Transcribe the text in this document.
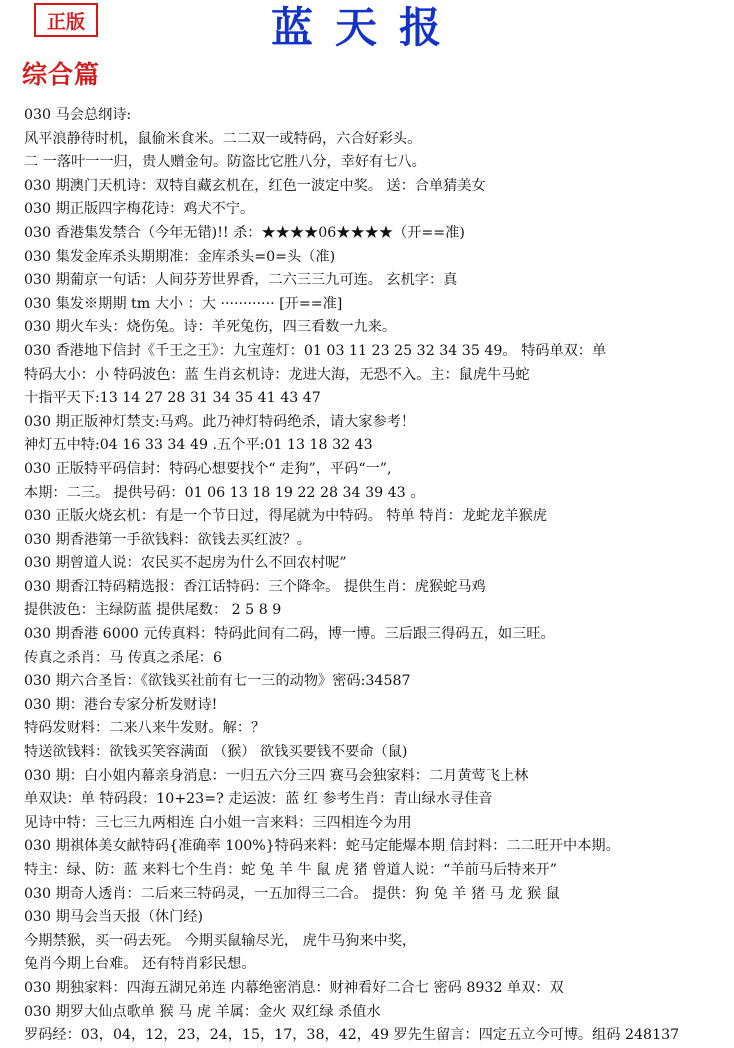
正版	蓝天报
综合篇
030 马会总纲诗:
风平浪静待时机，鼠偷米食米。二二双一或特码，六合好彩头。
二 一落叶一一归，贵人赠金句。防盗比它胜八分，幸好有七八。
030 期澳门天机诗：双特自藏玄机在，红色一波定中奖。 送：合单猜美女
030 期正版四字梅花诗：鸡犬不宁。
030 香港集发禁合（今年无错)!! 杀：★★★★06★★★★（开==准)
030 集发金库杀头期期准：金库杀头=0=头（准)
030 期葡京一句话：人间芬芳世界香，二六三三九可连。 玄机字：真
030 集发※期期 tm 大小 ：大 ············ [开==准]
030 期火车头：烧伤兔。诗：羊死兔伤，四三看数一九来。
030 香港地下信封《千王之王》：九宝莲灯：01 03 11 23 25 32 34 35 49。 特码单双：单
特码大小：小 特码波色：蓝 生肖玄机诗：龙进大海，无恐不入。主：鼠虎牛马蛇
十指平天下:13 14 27 28 31 34 35 41 43 47
030 期正版神灯禁支:马鸡。此乃神灯特码绝杀，请大家参考！
神灯五中特:04 16 33 34 49 .五个平:01 13 18 32 43
030 正版特平码信封：特码心想要找个“ 走狗”，平码“一”,
本期：二三。 提供号码：01 06 13 18 19 22 28 34 39 43 。
030 正版火烧玄机：有是一个节日过，得尾就为中特码。 特单 特肖：龙蛇龙羊猴虎
030 期香港第一手欲钱料：欲钱去买红波？。
030 期曾道人说：农民买不起房为什么不回农村呢”
030 期香江特码精选报：香江话特码：三个降伞。 提供生肖：虎猴蛇马鸡
提供波色：主绿防蓝 提供尾数： 2 5 8 9
030 期香港 6000 元传真料：特码此间有二码，博一博。三后跟三得码五，如三旺。
传真之杀肖：马 传真之杀尾：6
030 期六合圣旨：《欲钱买社前有七一三的动物》密码:34587
030 期：港台专家分析发财诗!
特码发财料：二来八来牛发财。解：？
特送欲钱料：欲钱买笑容满面 （猴） 欲钱买要钱不要命（鼠)
030 期：白小姐内幕亲身消息：一归五六分三四 赛马会独家料：二月黄莺飞上林
单双诀：单 特码段：10+23=? 走运波：蓝 红 参考生肖：青山绿水寻佳音
见诗中特：三七三九两相连 白小姐一言来料：三四相连今为用
030 期祺体美女献特码{准确率 100%}特码来料：蛇马定能爆本期 信封料：二二旺开中本期。
特主：绿、防：蓝 来料七个生肖：蛇 兔 羊 牛 鼠 虎 猪 曾道人说：“羊前马后特来开”
030 期奇人透肖：二后来三特码灵，一五加得三二合。 提供：狗 兔 羊 猪 马 龙 猴 鼠
030 期马会当天报（休门经)
今期禁猴，买一码去死。 今期买鼠输尽光， 虎牛马狗来中奖，
兔肖今期上台难。 还有特肖彩民想。
030 期独家料：四海五湖兄弟连 内幕绝密消息：财神看好二合七 密码 8932 单双：双
030 期罗大仙点歌单 猴 马 虎 羊属：金火 双红绿 杀值水
罗码经：03，04，12，23，24，15，17，38，42，49 罗先生留言：四定五立今可博。组码 248137
